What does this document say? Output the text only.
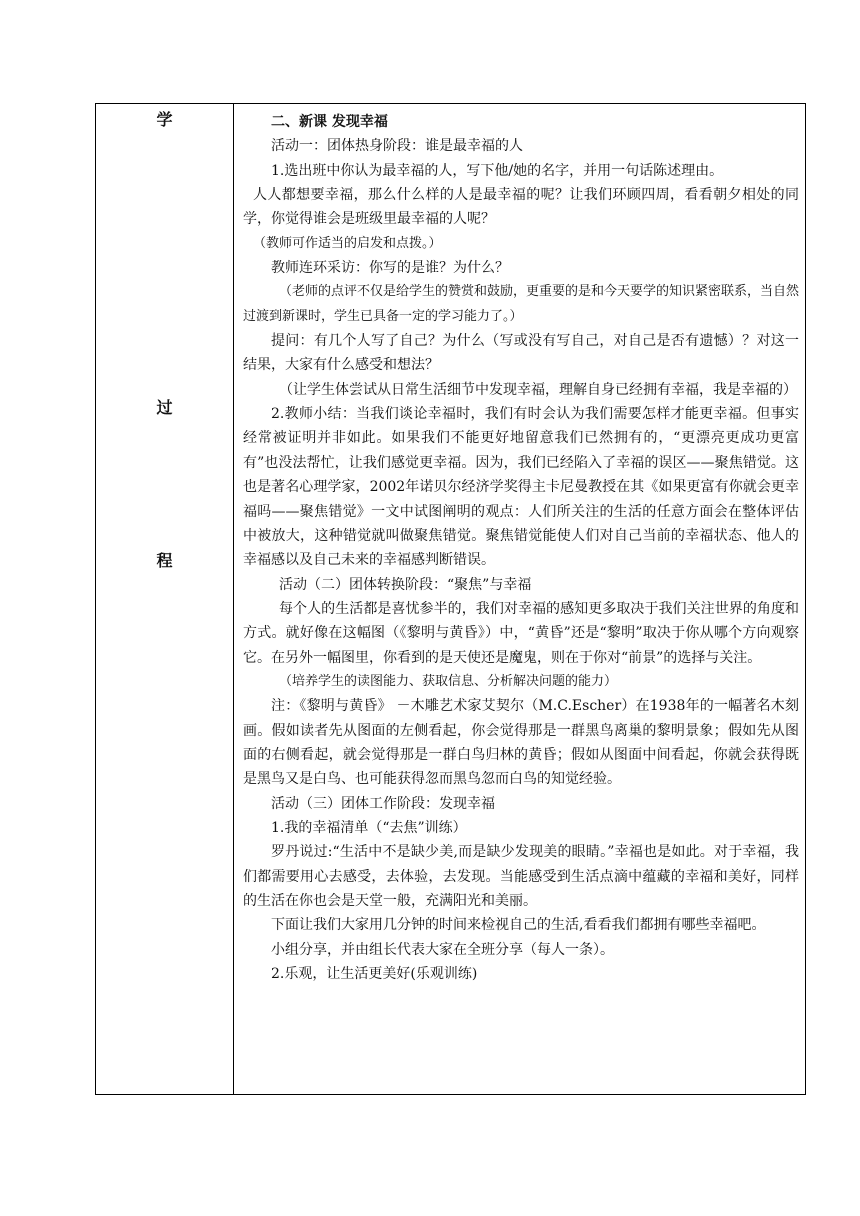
学
过
程

二、新课 发现幸福

活动一：团体热身阶段：谁是最幸福的人

1.选出班中你认为最幸福的人，写下他/她的名字，并用一句话陈述理由。

人人都想要幸福，那么什么样的人是最幸福的呢？让我们环顾四周，看看朝夕相处的同学，你觉得谁会是班级里最幸福的人呢？

（教师可作适当的启发和点拨。）

教师连环采访：你写的是谁？为什么？

（老师的点评不仅是给学生的赞赏和鼓励，更重要的是和今天要学的知识紧密联系，当自然过渡到新课时，学生已具备一定的学习能力了。）

提问：有几个人写了自己？为什么（写或没有写自己，对自己是否有遗憾）？对这一结果，大家有什么感受和想法？

（让学生体尝试从日常生活细节中发现幸福，理解自身已经拥有幸福，我是幸福的）

2.教师小结：当我们谈论幸福时，我们有时会认为我们需要怎样才能更幸福。但事实经常被证明并非如此。如果我们不能更好地留意我们已然拥有的，“更漂亮更成功更富有”也没法帮忙，让我们感觉更幸福。因为，我们已经陷入了幸福的误区——聚焦错觉。这也是著名心理学家，2002年诺贝尔经济学奖得主卡尼曼教授在其《如果更富有你就会更幸福吗——聚焦错觉》一文中试图阐明的观点：人们所关注的生活的任意方面会在整体评估中被放大，这种错觉就叫做聚焦错觉。聚焦错觉能使人们对自己当前的幸福状态、他人的幸福感以及自己未来的幸福感判断错误。

活动（二）团体转换阶段：“聚焦”与幸福

每个人的生活都是喜忧参半的，我们对幸福的感知更多取决于我们关注世界的角度和方式。就好像在这幅图（《黎明与黄昏》）中，“黄昏”还是“黎明”取决于你从哪个方向观察它。在另外一幅图里，你看到的是天使还是魔鬼，则在于你对“前景”的选择与关注。

（培养学生的读图能力、获取信息、分析解决问题的能力）

注：《黎明与黄昏》 －木雕艺术家艾契尔（M.C.Escher）在1938年的一幅著名木刻画。假如读者先从图面的左侧看起，你会觉得那是一群黑鸟离巢的黎明景象；假如先从图面的右侧看起，就会觉得那是一群白鸟归林的黄昏；假如从图面中间看起，你就会获得既是黑鸟又是白鸟、也可能获得忽而黑鸟忽而白鸟的知觉经验。

活动（三）团体工作阶段：发现幸福

1.我的幸福清单（“去焦”训练）

罗丹说过:“生活中不是缺少美,而是缺少发现美的眼睛。”幸福也是如此。对于幸福，我们都需要用心去感受，去体验，去发现。当能感受到生活点滴中蕴藏的幸福和美好，同样的生活在你也会是天堂一般，充满阳光和美丽。

下面让我们大家用几分钟的时间来检视自己的生活,看看我们都拥有哪些幸福吧。

小组分享，并由组长代表大家在全班分享（每人一条）。

2.乐观，让生活更美好(乐观训练)
